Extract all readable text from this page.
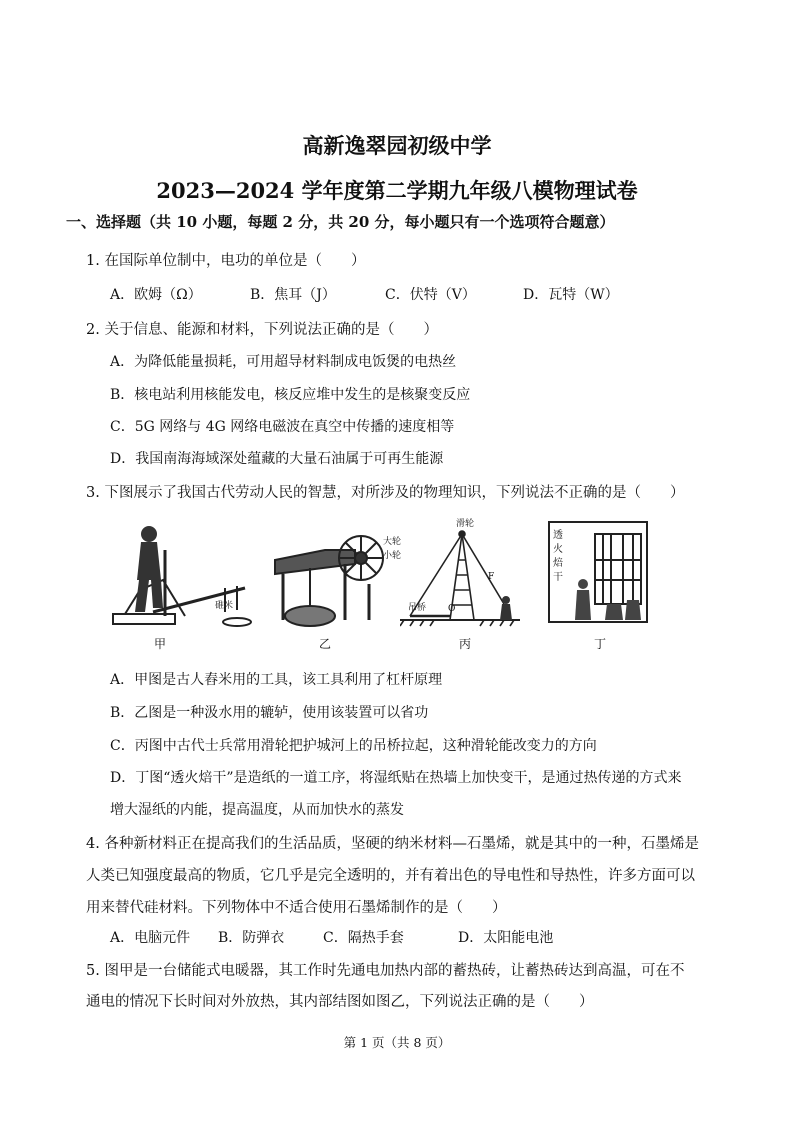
高新逸翠园初级中学
2023—2024 学年度第二学期九年级八模物理试卷
一、选择题（共 10 小题，每题 2 分，共 20 分，每小题只有一个选项符合题意）
1. 在国际单位制中，电功的单位是（　　）
A．欧姆（Ω）	B．焦耳（J）	C．伏特（V）	D．瓦特（W）
2. 关于信息、能源和材料，下列说法正确的是（　　）
A．为降低能量损耗，可用超导材料制成电饭煲的电热丝
B．核电站利用核能发电，核反应堆中发生的是核聚变反应
C．5G 网络与 4G 网络电磁波在真空中传播的速度相等
D．我国南海海域深处蕴藏的大量石油属于可再生能源
3. 下图展示了我国古代劳动人民的智慧，对所涉及的物理知识，下列说法不正确的是（　　）
碓米
甲
大轮
小轮
乙
滑轮
吊桥
F
O
丙
透
火
焙
干
丁
A．甲图是古人舂米用的工具，该工具利用了杠杆原理
B．乙图是一种汲水用的辘轳，使用该装置可以省功
C．丙图中古代士兵常用滑轮把护城河上的吊桥拉起，这种滑轮能改变力的方向
D．丁图“透火焙干”是造纸的一道工序，将湿纸贴在热墙上加快变干，是通过热传递的方式来
增大湿纸的内能，提高温度，从而加快水的蒸发
4. 各种新材料正在提高我们的生活品质，坚硬的纳米材料—石墨烯，就是其中的一种，石墨烯是
人类已知强度最高的物质，它几乎是完全透明的，并有着出色的导电性和导热性，许多方面可以
用来替代硅材料。下列物体中不适合使用石墨烯制作的是（　　）
A．电脑元件 B．防弹衣	C．隔热手套	D．太阳能电池
5. 图甲是一台储能式电暖器，其工作时先通电加热内部的蓄热砖，让蓄热砖达到高温，可在不
通电的情况下长时间对外放热，其内部结图如图乙，下列说法正确的是（　　）
第 1 页（共 8 页）
